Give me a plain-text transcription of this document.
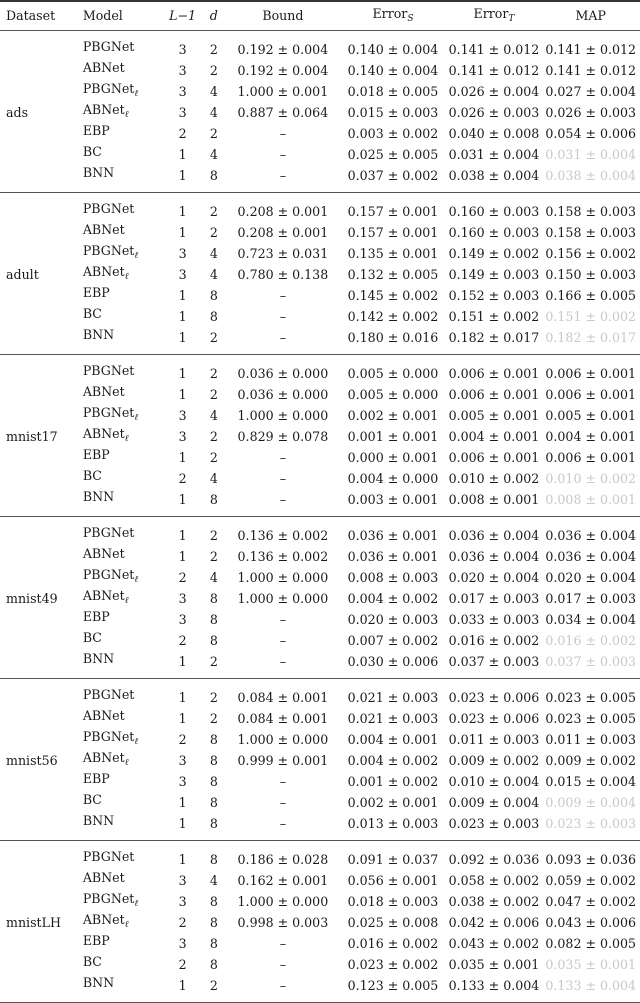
Dataset	Model	L−1	d	Bound	Error$_S$	Error$_T$	MAP
	PBGNet	3	2	0.192 ± 0.004	0.140 ± 0.004	0.141 ± 0.012	0.141 ± 0.012
	ABNet	3	2	0.192 ± 0.004	0.140 ± 0.004	0.141 ± 0.012	0.141 ± 0.012
	PBGNet$_\ell$	3	4	1.000 ± 0.001	0.018 ± 0.005	0.026 ± 0.004	0.027 ± 0.004
ads	ABNet$_\ell$	3	4	0.887 ± 0.064	0.015 ± 0.003	0.026 ± 0.003	0.026 ± 0.003
	EBP	2	2	–	0.003 ± 0.002	0.040 ± 0.008	0.054 ± 0.006
	BC	1	4	–	0.025 ± 0.005	0.031 ± 0.004	0.031 ± 0.004
	BNN	1	8	–	0.037 ± 0.002	0.038 ± 0.004	0.038 ± 0.004
	PBGNet	1	2	0.208 ± 0.001	0.157 ± 0.001	0.160 ± 0.003	0.158 ± 0.003
	ABNet	1	2	0.208 ± 0.001	0.157 ± 0.001	0.160 ± 0.003	0.158 ± 0.003
	PBGNet$_\ell$	3	4	0.723 ± 0.031	0.135 ± 0.001	0.149 ± 0.002	0.156 ± 0.002
adult	ABNet$_\ell$	3	4	0.780 ± 0.138	0.132 ± 0.005	0.149 ± 0.003	0.150 ± 0.003
	EBP	1	8	–	0.145 ± 0.002	0.152 ± 0.003	0.166 ± 0.005
	BC	1	8	–	0.142 ± 0.002	0.151 ± 0.002	0.151 ± 0.002
	BNN	1	2	–	0.180 ± 0.016	0.182 ± 0.017	0.182 ± 0.017
	PBGNet	1	2	0.036 ± 0.000	0.005 ± 0.000	0.006 ± 0.001	0.006 ± 0.001
	ABNet	1	2	0.036 ± 0.000	0.005 ± 0.000	0.006 ± 0.001	0.006 ± 0.001
	PBGNet$_\ell$	3	4	1.000 ± 0.000	0.002 ± 0.001	0.005 ± 0.001	0.005 ± 0.001
mnist17	ABNet$_\ell$	3	2	0.829 ± 0.078	0.001 ± 0.001	0.004 ± 0.001	0.004 ± 0.001
	EBP	1	2	–	0.000 ± 0.001	0.006 ± 0.001	0.006 ± 0.001
	BC	2	4	–	0.004 ± 0.000	0.010 ± 0.002	0.010 ± 0.002
	BNN	1	8	–	0.003 ± 0.001	0.008 ± 0.001	0.008 ± 0.001
	PBGNet	1	2	0.136 ± 0.002	0.036 ± 0.001	0.036 ± 0.004	0.036 ± 0.004
	ABNet	1	2	0.136 ± 0.002	0.036 ± 0.001	0.036 ± 0.004	0.036 ± 0.004
	PBGNet$_\ell$	2	4	1.000 ± 0.000	0.008 ± 0.003	0.020 ± 0.004	0.020 ± 0.004
mnist49	ABNet$_\ell$	3	8	1.000 ± 0.000	0.004 ± 0.002	0.017 ± 0.003	0.017 ± 0.003
	EBP	3	8	–	0.020 ± 0.003	0.033 ± 0.003	0.034 ± 0.004
	BC	2	8	–	0.007 ± 0.002	0.016 ± 0.002	0.016 ± 0.002
	BNN	1	2	–	0.030 ± 0.006	0.037 ± 0.003	0.037 ± 0.003
	PBGNet	1	2	0.084 ± 0.001	0.021 ± 0.003	0.023 ± 0.006	0.023 ± 0.005
	ABNet	1	2	0.084 ± 0.001	0.021 ± 0.003	0.023 ± 0.006	0.023 ± 0.005
	PBGNet$_\ell$	2	8	1.000 ± 0.000	0.004 ± 0.001	0.011 ± 0.003	0.011 ± 0.003
mnist56	ABNet$_\ell$	3	8	0.999 ± 0.001	0.004 ± 0.002	0.009 ± 0.002	0.009 ± 0.002
	EBP	3	8	–	0.001 ± 0.002	0.010 ± 0.004	0.015 ± 0.004
	BC	1	8	–	0.002 ± 0.001	0.009 ± 0.004	0.009 ± 0.004
	BNN	1	8	–	0.013 ± 0.003	0.023 ± 0.003	0.023 ± 0.003
	PBGNet	1	8	0.186 ± 0.028	0.091 ± 0.037	0.092 ± 0.036	0.093 ± 0.036
	ABNet	3	4	0.162 ± 0.001	0.056 ± 0.001	0.058 ± 0.002	0.059 ± 0.002
	PBGNet$_\ell$	3	8	1.000 ± 0.000	0.018 ± 0.003	0.038 ± 0.002	0.047 ± 0.002
mnistLH	ABNet$_\ell$	2	8	0.998 ± 0.003	0.025 ± 0.008	0.042 ± 0.006	0.043 ± 0.006
	EBP	3	8	–	0.016 ± 0.002	0.043 ± 0.002	0.082 ± 0.005
	BC	2	8	–	0.023 ± 0.002	0.035 ± 0.001	0.035 ± 0.001
	BNN	1	2	–	0.123 ± 0.005	0.133 ± 0.004	0.133 ± 0.004
